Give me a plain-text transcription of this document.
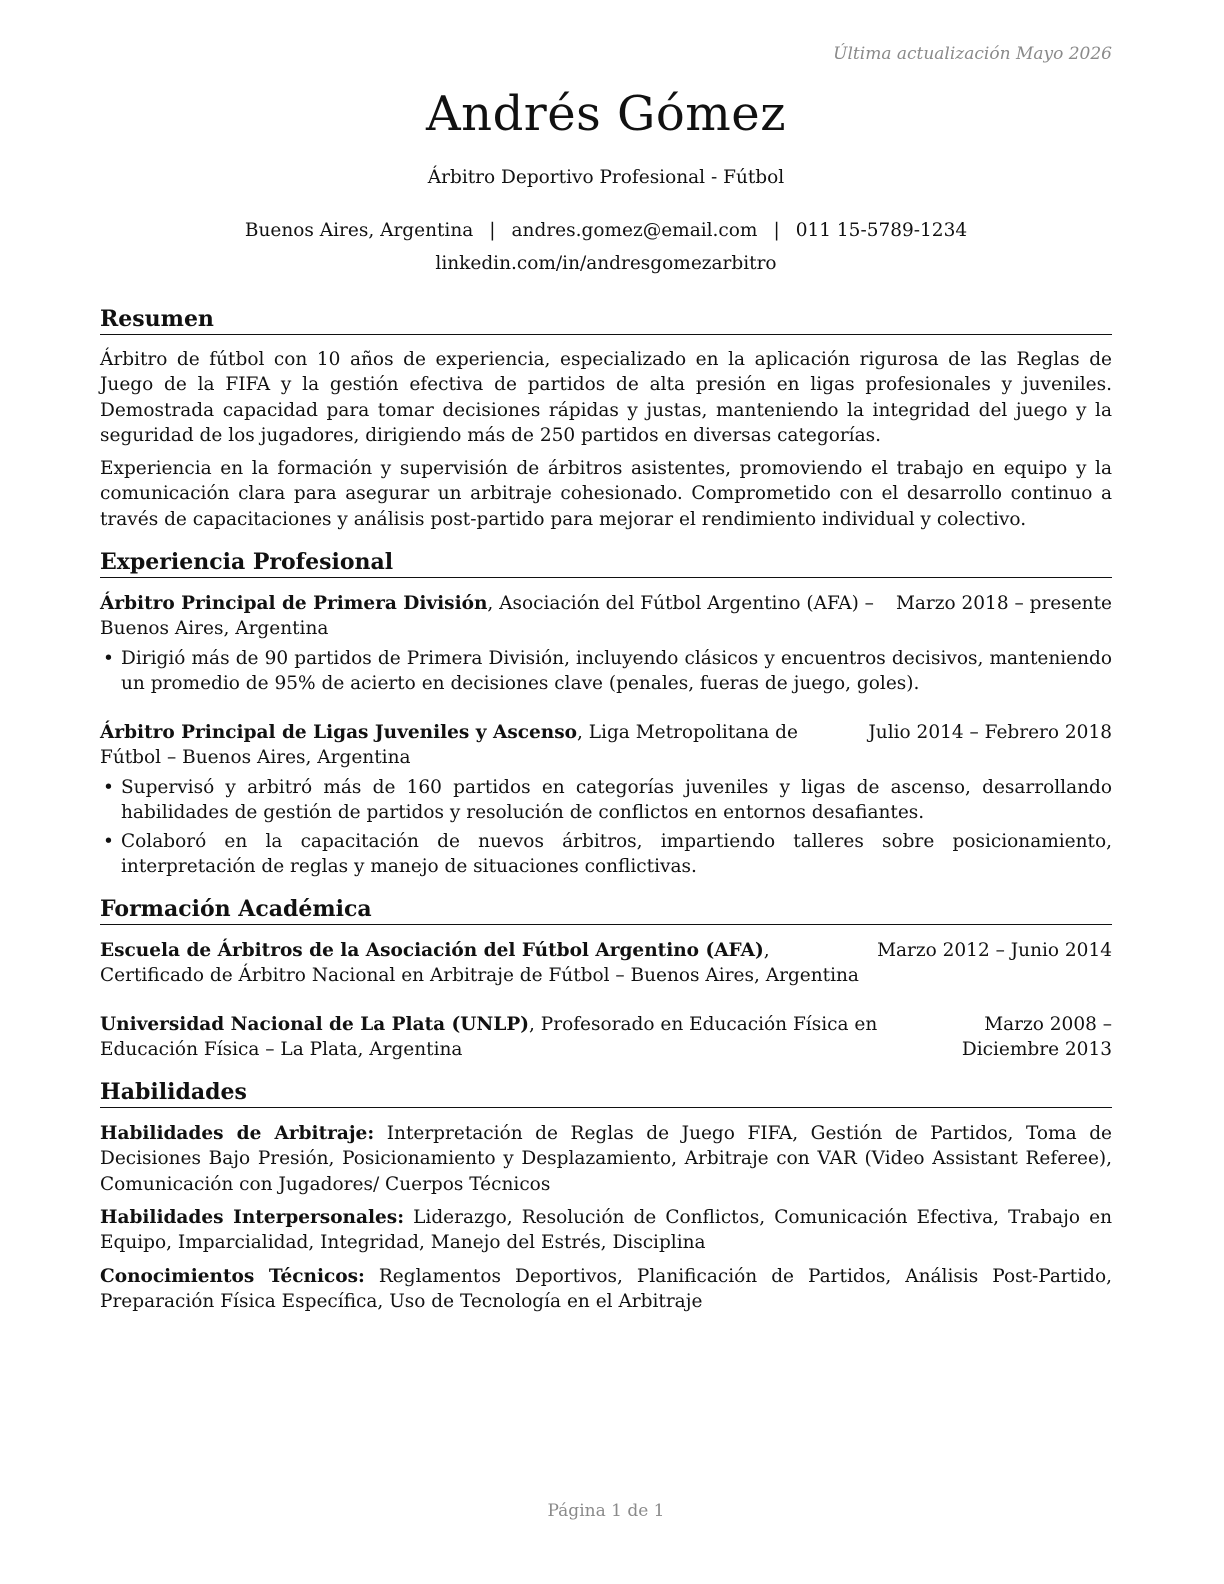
Última actualización Mayo 2026
Andrés Gómez
Árbitro Deportivo Profesional - Fútbol
Buenos Aires, Argentina | andres.gomez@email.com | 011 15-5789-1234
linkedin.com/in/andresgomezarbitro
Resumen
Árbitro de fútbol con 10 años de experiencia, especializado en la aplicación rigurosa de las Reglas de Juego de la FIFA y la gestión efectiva de partidos de alta presión en ligas profesionales y juveniles. Demostrada capacidad para tomar decisiones rápidas y justas, manteniendo la integridad del juego y la seguridad de los jugadores, dirigiendo más de 250 partidos en diversas categorías.
Experiencia en la formación y supervisión de árbitros asistentes, promoviendo el trabajo en equipo y la comunicación clara para asegurar un arbitraje cohesionado. Comprometido con el desarrollo continuo a través de capacitaciones y análisis post-partido para mejorar el rendimiento individual y colectivo.
Experiencia Profesional
Árbitro Principal de Primera División, Asociación del Fútbol Argentino (AFA) – Buenos Aires, Argentina
Marzo 2018 – presente
• Dirigió más de 90 partidos de Primera División, incluyendo clásicos y encuentros decisivos, manteniendo un promedio de 95% de acierto en decisiones clave (penales, fueras de juego, goles).
Árbitro Principal de Ligas Juveniles y Ascenso, Liga Metropolitana de Fútbol – Buenos Aires, Argentina
Julio 2014 – Febrero 2018
• Supervisó y arbitró más de 160 partidos en categorías juveniles y ligas de ascenso, desarrollando habilidades de gestión de partidos y resolución de conflictos en entornos desafiantes.
• Colaboró en la capacitación de nuevos árbitros, impartiendo talleres sobre posicionamiento, interpretación de reglas y manejo de situaciones conflictivas.
Formación Académica
Escuela de Árbitros de la Asociación del Fútbol Argentino (AFA), Certificado de Árbitro Nacional en Arbitraje de Fútbol – Buenos Aires, Argentina
Marzo 2012 – Junio 2014
Universidad Nacional de La Plata (UNLP), Profesorado en Educación Física en Educación Física – La Plata, Argentina
Marzo 2008 – Diciembre 2013
Habilidades
Habilidades de Arbitraje: Interpretación de Reglas de Juego FIFA, Gestión de Partidos, Toma de Decisiones Bajo Presión, Posicionamiento y Desplazamiento, Arbitraje con VAR (Video Assistant Referee), Comunicación con Jugadores/ Cuerpos Técnicos
Habilidades Interpersonales: Liderazgo, Resolución de Conflictos, Comunicación Efectiva, Trabajo en Equipo, Imparcialidad, Integridad, Manejo del Estrés, Disciplina
Conocimientos Técnicos: Reglamentos Deportivos, Planificación de Partidos, Análisis Post-Partido, Preparación Física Específica, Uso de Tecnología en el Arbitraje
Página 1 de 1
